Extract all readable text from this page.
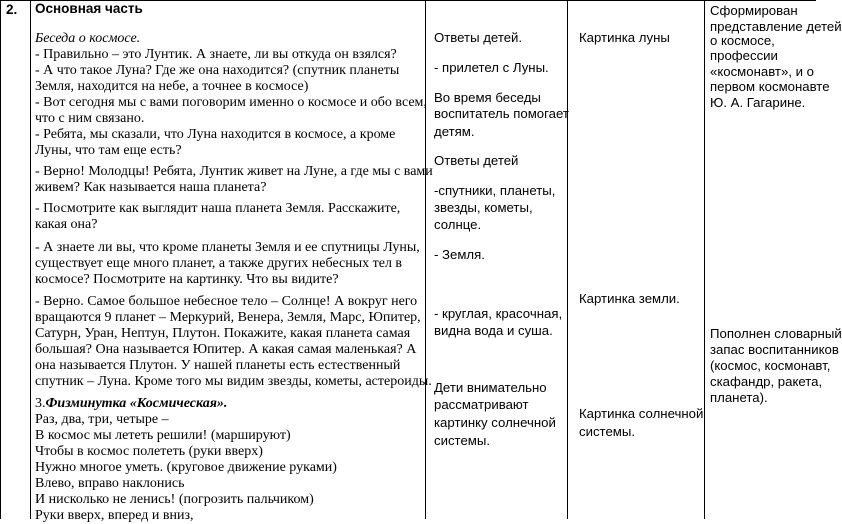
2. Основная часть
Беседа о космосе.
- Правильно – это Лунтик. А знаете, ли вы откуда он взялся?
- А что такое Луна? Где же она находится? (спутник планеты
Земля, находится на небе, а точнее в космосе)
- Вот сегодня мы с вами поговорим именно о космосе и обо всем,
что с ним связано.
- Ребята, мы сказали, что Луна находится в космосе, а кроме
Луны, что там еще есть?
- Верно! Молодцы! Ребята, Лунтик живет на Луне, а где мы с вами
живем? Как называется наша планета?
- Посмотрите как выглядит наша планета Земля. Расскажите,
какая она?
- А знаете ли вы, что кроме планеты Земля и ее спутницы Луны,
существует еще много планет, а также других небесных тел в
космосе? Посмотрите на картинку. Что вы видите?
- Верно. Самое большое небесное тело – Солнце! А вокруг него
вращаются 9 планет – Меркурий, Венера, Земля, Марс, Юпитер,
Сатурн, Уран, Нептун, Плутон. Покажите, какая планета самая
большая? Она называется Юпитер. А какая самая маленькая? А
она называется Плутон. У нашей планеты есть естественный
спутник – Луна. Кроме того мы видим звезды, кометы, астероиды.
3.Физминутка «Космическая».
Раз, два, три, четыре –
В космос мы лететь решили! (маршируют)
Чтобы в космос полететь (руки вверх)
Нужно многое уметь. (круговое движение руками)
Влево, вправо наклонись
И нисколько не ленись! (погрозить пальчиком)
Руки вверх, вперед и вниз,
Ответы детей.
- прилетел с Луны.
Во время беседы
воспитатель помогает
детям.
Ответы детей
-спутники, планеты,
звезды, кометы,
солнце.
- Земля.
- круглая, красочная,
видна вода и суша.
Дети внимательно
рассматривают
картинку солнечной
системы.
Картинка луны
Картинка земли.
Картинка солнечной
системы.
Сформирован
представление детей
о космосе,
профессии
«космонавт», и о
первом космонавте
Ю. А. Гагарине.
Пополнен словарный
запас воспитанников
(космос, космонавт,
скафандр, ракета,
планета).
